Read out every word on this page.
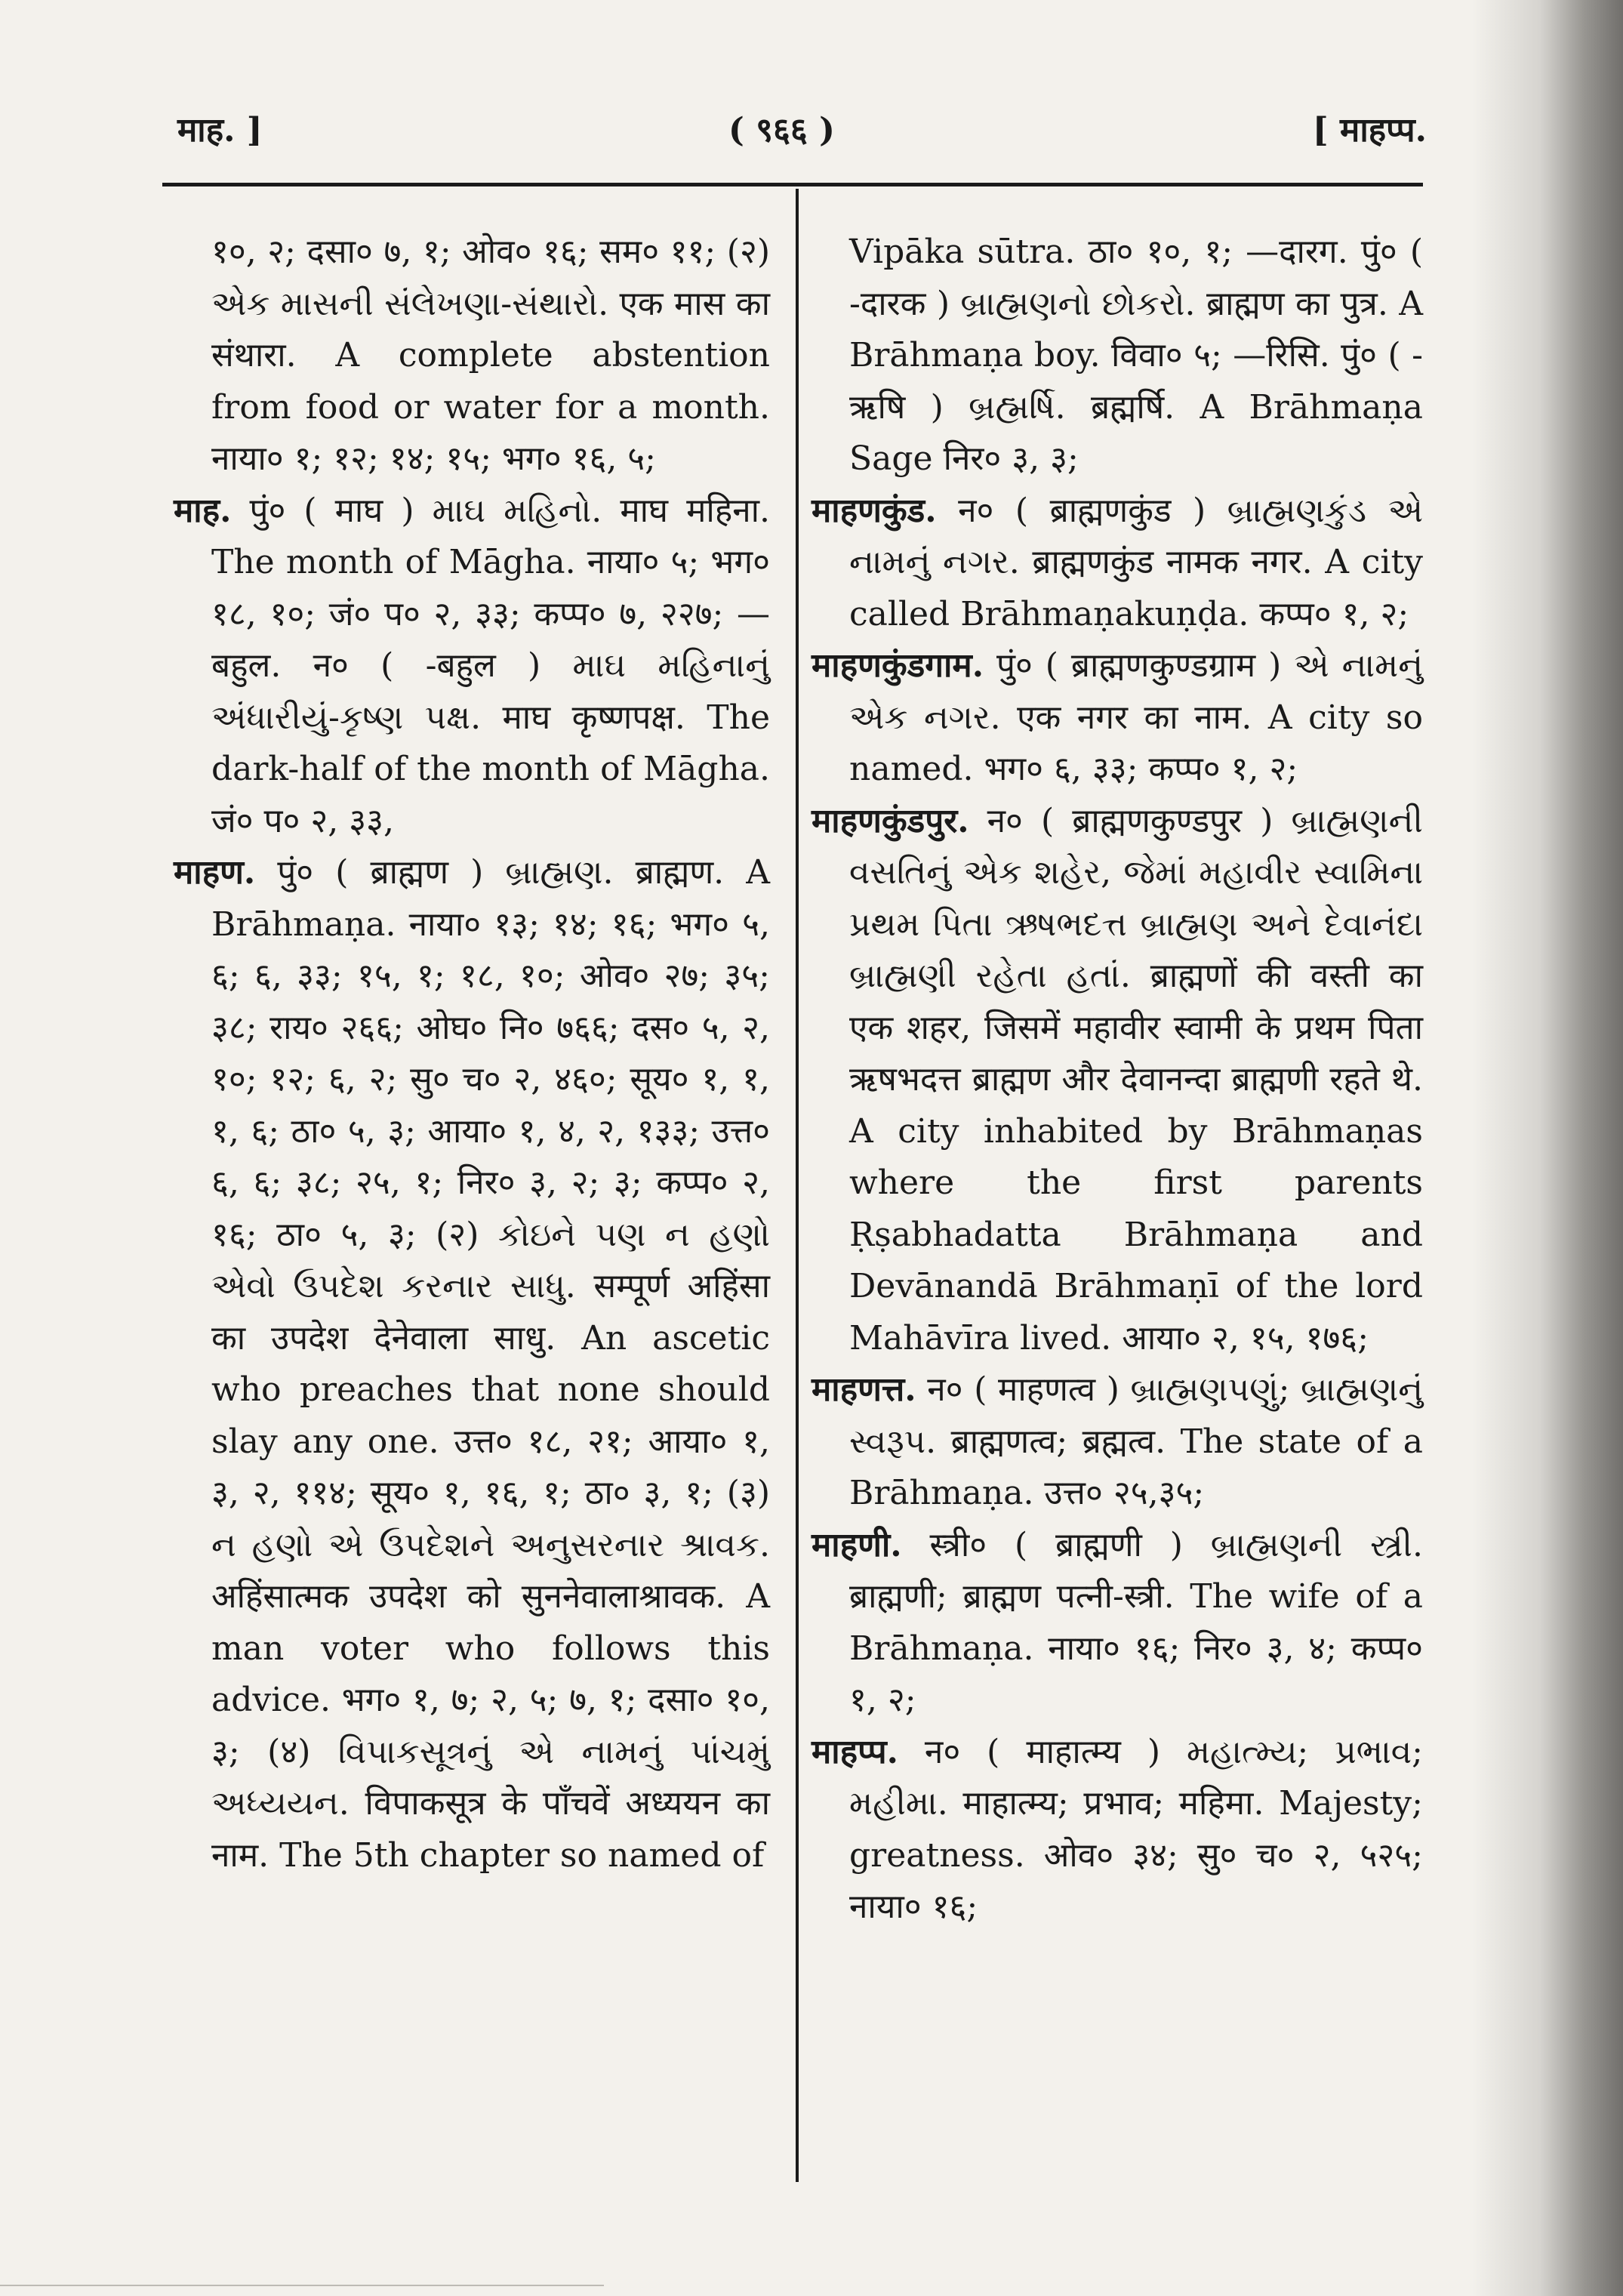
माह. ]	( ९६६ )	[ माहप्प.

१०, २; दसा० ७, १; ओव० १६; सम० ११; (२) એક માસની સંલેખણા-સંથારો. एक मास का संथारा. A complete abstention from food or water for a month. नाया० १; १२; १४; १५; भग० १६, ५;

माह. पुं० ( माघ ) માઘ મહિનો. माघ महिना. The month of Māgha. नाया० ५; भग० १८, १०; जं० प० २, ३३; कप्प० ७, २२७; —बहुल. न० ( -बहुल ) માઘ મહિનાનું અંધારીયું-કૃષ્ણ પક્ષ. माघ कृष्णपक्ष. The dark-half of the month of Māgha. जं० प० २, ३३,

माहण. पुं० ( ब्राह्मण ) બ્રાહ્મણ. ब्राह्मण. A Brāhmaṇa. नाया० १३; १४; १६; भग० ५, ६; ६, ३३; १५, १; १८, १०; ओव० २७; ३५; ३८; राय० २६६; ओघ० नि० ७६६; दस० ५, २, १०; १२; ६, २; सु० च० २, ४६०; सूय० १, १, १, ६; ठा० ५, ३; आया० १, ४, २, १३३; उत्त० ६, ६; ३८; २५, १; निर० ३, २; ३; कप्प० २, १६; ठा० ५, ३; (२) કોઇને પણ ન હણો એવો ઉપદેશ કરનાર સાધુ. सम्पूर्ण अहिंसा का उपदेश देनेवाला साधु. An ascetic who preaches that none should slay any one. उत्त० १८, २१; आया० १, ३, २, ११४; सूय० १, १६, १; ठा० ३, १; (३) ન હણો એ ઉપદેશને અનુસરનાર શ્રાવક. अहिंसात्मक उपदेश को सुननेवालाश्रावक. A man voter who follows this advice. भग० १, ७; २, ५; ७, १; दसा० १०, ३; (४) વિપાકસૂત્રનું એ નામનું પાંચમું અધ્યયન. विपाकसूत्र के पाँचवें अध्ययन का नाम. The 5th chapter so named of

Vipāka sūtra. ठा० १०, १; —दारग. पुं० ( -दारक ) બ્રાહ્મણનો છોકરો. ब्राह्मण का पुत्र. A Brāhmaṇa boy. विवा० ५; —रिसि. पुं० ( -ऋषि ) બ્રહ્મર્ષિ. ब्रह्मर्षि. A Brāhmaṇa Sage निर० ३, ३;

माहणकुंड. न० ( ब्राह्मणकुंड ) બ્રાહ્મણકુંડ એ નામનું નગર. ब्राह्मणकुंड नामक नगर. A city called Brāhmaṇakuṇḍa. कप्प० १, २;

माहणकुंडगाम. पुं० ( ब्राह्मणकुण्डग्राम ) એ નામનું એક નગર. एक नगर का नाम. A city so named. भग० ६, ३३; कप्प० १, २;

माहणकुंडपुर. न० ( ब्राह्मणकुण्डपुर ) બ્રાહ્મણની વસતિનું એક શહેર, જેમાં મહાવીર સ્વામિના પ્રથમ પિતા ઋષભદત્ત બ્રાહ્મણ અને દેવાનંદા બ્રાહ્મણી રહેતા હતાં. ब्राह्मणों की वस्ती का एक शहर, जिसमें महावीर स्वामी के प्रथम पिता ऋषभदत्त ब्राह्मण और देवानन्दा ब्राह्मणी रहते थे. A city inhabited by Brāhmaṇas where the first parents Ṛṣabhadatta Brāhmaṇa and Devānandā Brāhmaṇī of the lord Mahāvīra lived. आया० २, १५, १७६;

माहणत्त. न० ( माहणत्व ) બ્રાહ્મણપણું; બ્રાહ્મણનું સ્વરૂપ. ब्राह्मणत्व; ब्रह्मत्व. The state of a Brāhmaṇa. उत्त० २५,३५;

माहणी. स्त्री० ( ब्राह्मणी ) બ્રાહ્મણની સ્ત્રી. ब्राह्मणी; ब्राह्मण पत्नी-स्त्री. The wife of a Brāhmaṇa. नाया० १६; निर० ३, ४; कप्प० १, २;

माहप्प. न० ( माहात्म्य ) મહાત્મ્ય; પ્રભાવ; મહીમા. माहात्म्य; प्रभाव; महिमा. Majesty; greatness. ओव० ३४; सु० च० २, ५२५; नाया० १६;
